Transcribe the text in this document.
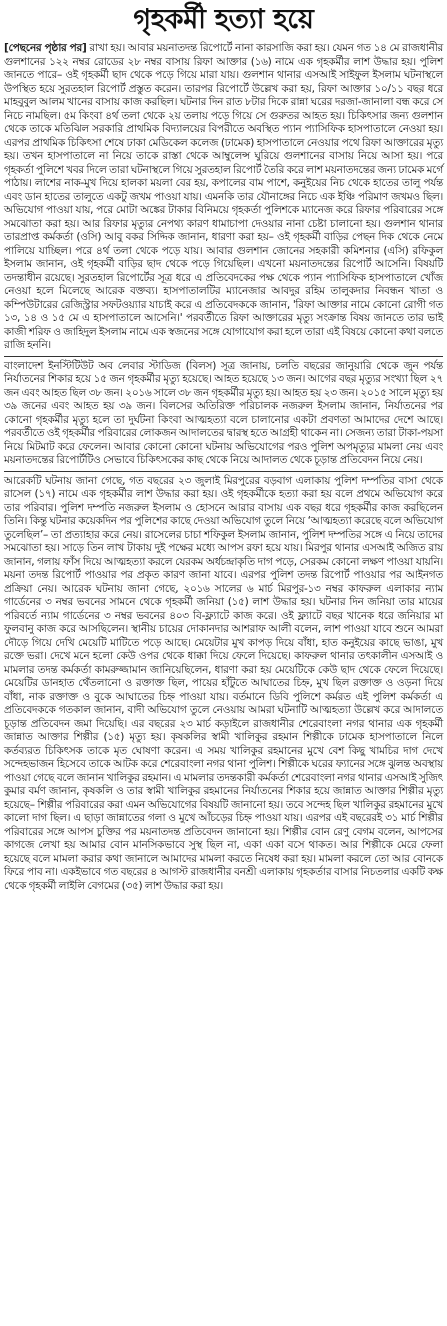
গৃহকর্মী হত্যা হয়ে

[পেছনের পৃষ্ঠার পর] রাখা হয়। আবার ময়নাতদন্ত রিপোর্টে নানা কারসাজি করা হয়। যেমন গত ১৪ মে রাজধানীর গুলশানের ১২২ নম্বর রোডের ২৮ নম্বর বাসায় রিফা আক্তার (১৬) নামে এক গৃহকর্মীর লাশ উদ্ধার হয়। পুলিশ জানতে পারে– ওই গৃহকর্মী ছাদ থেকে পড়ে গিয়ে মারা যায়। গুলশান থানার এসআই সাইফুল ইসলাম ঘটনাস্থলে উপস্থিত হয়ে সুরতহাল রিপোর্ট প্রস্তুত করেন। তারপর রিপোর্টে উল্লেখ করা হয়, রিফা আক্তার ১০/১১ বছর ধরে মাহবুবুল আলম খানের বাসায় কাজ করছিল। ঘটনার দিন রাত ৮টার দিকে রান্না ঘরের দরজা-জানালা বন্ধ করে সে নিচে নামছিল। ৫ম কিংবা ৪র্থ তলা থেকে ২য় তলায় পড়ে গিয়ে সে গুরুতর আহত হয়। চিকিৎসার জন্য গুলশান থেকে তাকে মতিঝিল সরকারি প্রাথমিক বিদ্যালয়ের বিপরীতে অবস্থিত প্যান প্যাসিফিক হাসপাতালে নেওয়া হয়। এরপর প্রাথমিক চিকিৎসা শেষে ঢাকা মেডিকেল কলেজ (ঢামেক) হাসপাতালে নেওয়ার পথে রিফা আক্তারের মৃত্যু হয়। তখন হাসপাতালে না নিয়ে তাকে রাস্তা থেকে আম্বুলেন্স ঘুরিয়ে গুলশানের বাসায় নিয়ে আসা হয়। পরে গৃহকর্তা পুলিশে খবর দিলে তারা ঘটনাস্থলে গিয়ে সুরতহাল রিপোর্ট তৈরি করে লাশ ময়নাতদন্তের জন্য ঢামেক মর্গে পাঠায়। লাশের নাক-মুখ দিয়ে হালকা ময়লা বের হয়, কপালের বাম পাশে, কনুইয়ের নিচ থেকে হাতের তালু পর্যন্ত এবং ডান হাতের তালুতে একটু জখম পাওয়া যায়। এমনকি তার যৌনাঙ্গের নিচে এক ইঞ্চি পরিমাণ জখমও ছিল। অভিযোগ পাওয়া যায়, পরে মোটা অঙ্কের টাকার বিনিময়ে গৃহকর্তা পুলিশকে ম্যানেজ করে রিফার পরিবারের সঙ্গে সমঝোতা করা হয়। আর রিফার মৃত্যুর নেপথ্য কারণ ধামাচাপা দেওয়ার নানা চেষ্টা চালানো হয়। গুলশান থানার তারপ্রাপ্ত কর্মকর্তা (ওসি) আবু বকর সিদ্দিক জানান, ধারণা করা হয়– ওই গৃহকর্মী বাড়ির পেছন দিক থেকে নেমে পালিয়ে যাচ্ছিল। পরে ৪র্থ তলা থেকে পড়ে যায়। আবার গুলশান জোনের সহকারী কমিশনার (এসি) রফিকুল ইসলাম জানান, ওই গৃহকর্মী বাড়ির ছাদ থেকে পড়ে গিয়েছিল। এখনো ময়নাতদন্তের রিপোর্ট আসেনি। বিষয়টি তদন্তাধীন রয়েছে। সুরতহাল রিপোর্টের সূত্র ধরে এ প্রতিবেদকের পক্ষ থেকে প্যান প্যাসিফিক হাসপাতালে খোঁজ নেওয়া হলে মিলেছে আরেক বক্তব্য। হাসপাতালটির ম্যানেজার আবদুর রহিম তালুকদার নিবন্ধন খাতা ও কম্পিউটারের রেজিস্ট্রার সফটওয়্যার যাচাই করে এ প্রতিবেদককে জানান, 'রিফা আক্তার নামে কোনো রোগী গত ১৩, ১৪ ও ১৫ মে এ হাসপাতালে আসেনি।' পরবর্তীতে রিফা আক্তারের মৃত্যু সংক্রান্ত বিষয় জানতে তার ভাই কাজী শরিফ ও জাহিদুল ইসলাম নামে এক স্বজনের সঙ্গে যোগাযোগ করা হলে তারা এই বিষয়ে কোনো কথা বলতে রাজি হননি।

বাংলাদেশ ইনস্টিটিউট অব লেবার স্টাডিজ (বিলস) সূত্র জানায়, চলতি বছরের জানুয়ারি থেকে জুন পর্যন্ত নির্যাতনের শিকার হয়ে ১৫ জন গৃহকর্মীর মৃত্যু হয়েছে। আহত হয়েছে ১৩ জন। আগের বছর মৃত্যুর সংখ্যা ছিল ২৭ জন এবং আহত ছিল ৩৮ জন। ২০১৬ সালে ৩৮ জন গৃহকর্মীর মৃত্যু হয়। আহত হয় ২৩ জন। ২০১৫ সালে মৃত্যু হয় ৩৯ জনের এবং আহত হয় ৩৯ জন। বিলসের অতিরিক্ত পরিচালক নজরুল ইসলাম জানান, নির্যাতনের পর কোনো গৃহকর্মীর মৃত্যু হলে তা দুর্ঘটনা কিংবা আত্মহত্যা বলে চালানোর একটা প্রবণতা আমাদের দেশে আছে। পরবর্তীতে ওই গৃহকর্মীর পরিবারের লোকজন আদালতের দ্বারস্থ হতে আগ্রহী থাকেন না। সেজন্য তারা টাকা-পয়সা নিয়ে মিটমাট করে ফেলেন। আবার কোনো কোনো ঘটনায় অভিযোগের পরও পুলিশ অপমৃত্যুর মামলা নেয় এবং ময়নাতদন্তের রিপোর্টটিও সেভাবে চিকিৎসকের কাছ থেকে নিয়ে আদালত থেকে চূড়ান্ত প্রতিবেদন নিয়ে নেয়।

আরেকটি ঘটনায় জানা গেছে, গত বছরের ২৩ জুলাই মিরপুরের বড়বাগ এলাকায় পুলিশ দম্পতির বাসা থেকে রাসেল (১৭) নামে এক গৃহকর্মীর লাশ উদ্ধার করা হয়। ওই গৃহকর্মীকে হত্যা করা হয় বলে প্রথমে অভিযোগ করে তার পরিবার। পুলিশ দম্পতি নজরুল ইসলাম ও হোসনে আরার বাসায় এক বছর ধরে গৃহকর্মীর কাজ করছিলেন তিনি। কিন্তু ঘটনার কয়েকদিন পর পুলিশের কাছে দেওয়া অভিযোগ তুলে নিয়ে ‘আত্মহত্যা করেছে বলে অভিযোগ তুলেছিল’– তা প্রত্যাহার করে নেয়। রাসেলের চাচা শফিকুল ইসলাম জানান, পুলিশ দম্পতির সঙ্গে এ নিয়ে তাদের সমঝোতা হয়। সাড়ে তিন লাখ টাকায় দুই পক্ষের মধ্যে আপস রফা হয়ে যায়। মিরপুর থানার এসআই অজিত রায় জানান, গলায় ফাঁস দিয়ে আত্মহত্যা করলে যেরকম অর্ধচন্দ্রাকৃতি দাগ পড়ে, সেরকম কোনো লক্ষণ পাওয়া যায়নি। ময়না তদন্ত রিপোর্ট পাওয়ার পর প্রকৃত কারণ জানা যাবে। এরপর পুলিশ তদন্ত রিপোর্ট পাওয়ার পর আইনগত প্রক্রিয়া নেয়। আরেক ঘটনায় জানা গেছে, ২০১৬ সালের ৬ মার্চ মিরপুর-১৩ নম্বর কাফরুল এলাকার ন্যাম গার্ডেনের ৩ নম্বর ভবনের সামনে থেকে গৃহকর্মী জনিয়া (১৫) লাশ উদ্ধার হয়। ঘটনার দিন জনিয়া তার মায়ের পরিবর্তে ন্যাম গার্ডেনের ৩ নম্বর ভবনের ৪০৩ বি-ফ্ল্যাটে কাজ করে। ওই ফ্ল্যাটে বছর খানেক ধরে জনিয়ার মা ফুলবানু কাজ করে আসছিলেন। স্থানীয় চায়ের দোকানদার আশরাফ আলী বলেন, লাশ পাওয়া যাবে শুনে আমরা দৌড়ে গিয়ে দেখি মেয়েটি মাটিতে পড়ে আছে। মেয়েটার মুখ কাপড় দিয়ে বাঁধা, হাত কনুইয়ের কাছে ভাঙা, মুখ রক্তে ভরা। দেখে মনে হলো কেউ ওপর থেকে ধাক্কা দিয়ে ফেলে দিয়েছে। কাফরুল থানার তৎকালীন এসআই ও মামলার তদন্ত কর্মকর্তা কামরুজ্জামান জানিয়েছিলেন, ধারণা করা হয় মেয়েটিকে কেউ ছাদ থেকে ফেলে দিয়েছে। মেয়েটির ডানহাত থেঁতলানো ও রক্তাক্ত ছিল, পায়ের হাঁটুতে আঘাতের চিহ্ন, মুখ ছিল রক্তাক্ত ও ওড়না দিয়ে বাঁধা, নাক রক্তাক্ত ও বুকে আঘাতের চিহ্ন পাওয়া যায়। বর্তমানে ডিবি পুলিশে কর্মরত এই পুলিশ কর্মকর্তা এ প্রতিবেদককে গতকাল জানান, বাদী অভিযোগ তুলে নেওয়ায় আমরা ঘটনাটি আত্মহত্যা উল্লেখ করে আদালতে চূড়ান্ত প্রতিবেদন জমা দিয়েছি। এর বছরের ২৩ মার্চ কড়াইলে রাজধানীর শেরেবাংলা নগর থানার এক গৃহকর্মী জান্নাত আক্তার শিল্পীর (১৫) মৃত্যু হয়। কৃষকলির স্বামী খালিকুর রহমান শিল্পীকে ঢামেক হাসপাতালে নিলে কর্তব্যরত চিকিৎসক তাকে মৃত ঘোষণা করেন। এ সময় খালিকুর রহমানের মুখে বেশ কিছু খামচির দাগ দেখে সন্দেহভাজন হিসেবে তাকে আটক করে শেরেবাংলা নগর থানা পুলিশ। শিল্পীকে ঘরের ফ্যানের সঙ্গে ঝুলন্ত অবস্থায় পাওয়া গেছে বলে জানান খালিকুর রহমান। এ মামলার তদন্তকারী কর্মকর্তা শেরেবাংলা নগর থানার এসআই সুজিৎ কুমার বর্মণ জানান, কৃষকলি ও তার স্বামী খালিকুর রহমানের নির্যাতনের শিকার হয়ে জান্নাত আক্তার শিল্পীর মৃত্যু হয়েছে– শিল্পীর পরিবারের করা এমন অভিযোগের বিষয়টি জানানো হয়। তবে সন্দেহ ছিল খালিকুর রহমানের মুখে কালো দাগ ছিল। এ ছাড়া জান্নাতের গলা ও মুখে আঁচড়ের চিহ্ন পাওয়া যায়। এরপর এই বছরেরই ৩১ মার্চ শিল্পীর পরিবারের সঙ্গে আপস চুক্তির পর ময়নাতদন্ত প্রতিবেদন জানানো হয়। শিল্পীর বোন রেণু বেগম বলেন, আপসের কাগজে লেখা হয় আমার বোন মানসিকভাবে সুস্থ ছিল না, একা একা বসে থাকত। আর শিল্পীকে মেরে ফেলা হয়েছে বলে মামলা করার কথা জানালে আমাদের মামলা করতে নিষেধ করা হয়। মামলা করলে তো আর বোনকে ফিরে পাব না। একইভাবে গত বছরের ৪ আগস্ট রাজধানীর বনশ্রী এলাকায় গৃহকর্তার বাসার নিচতলার একটি কক্ষ থেকে গৃহকর্মী লাইলি বেগমের (৩৫) লাশ উদ্ধার করা হয়।
